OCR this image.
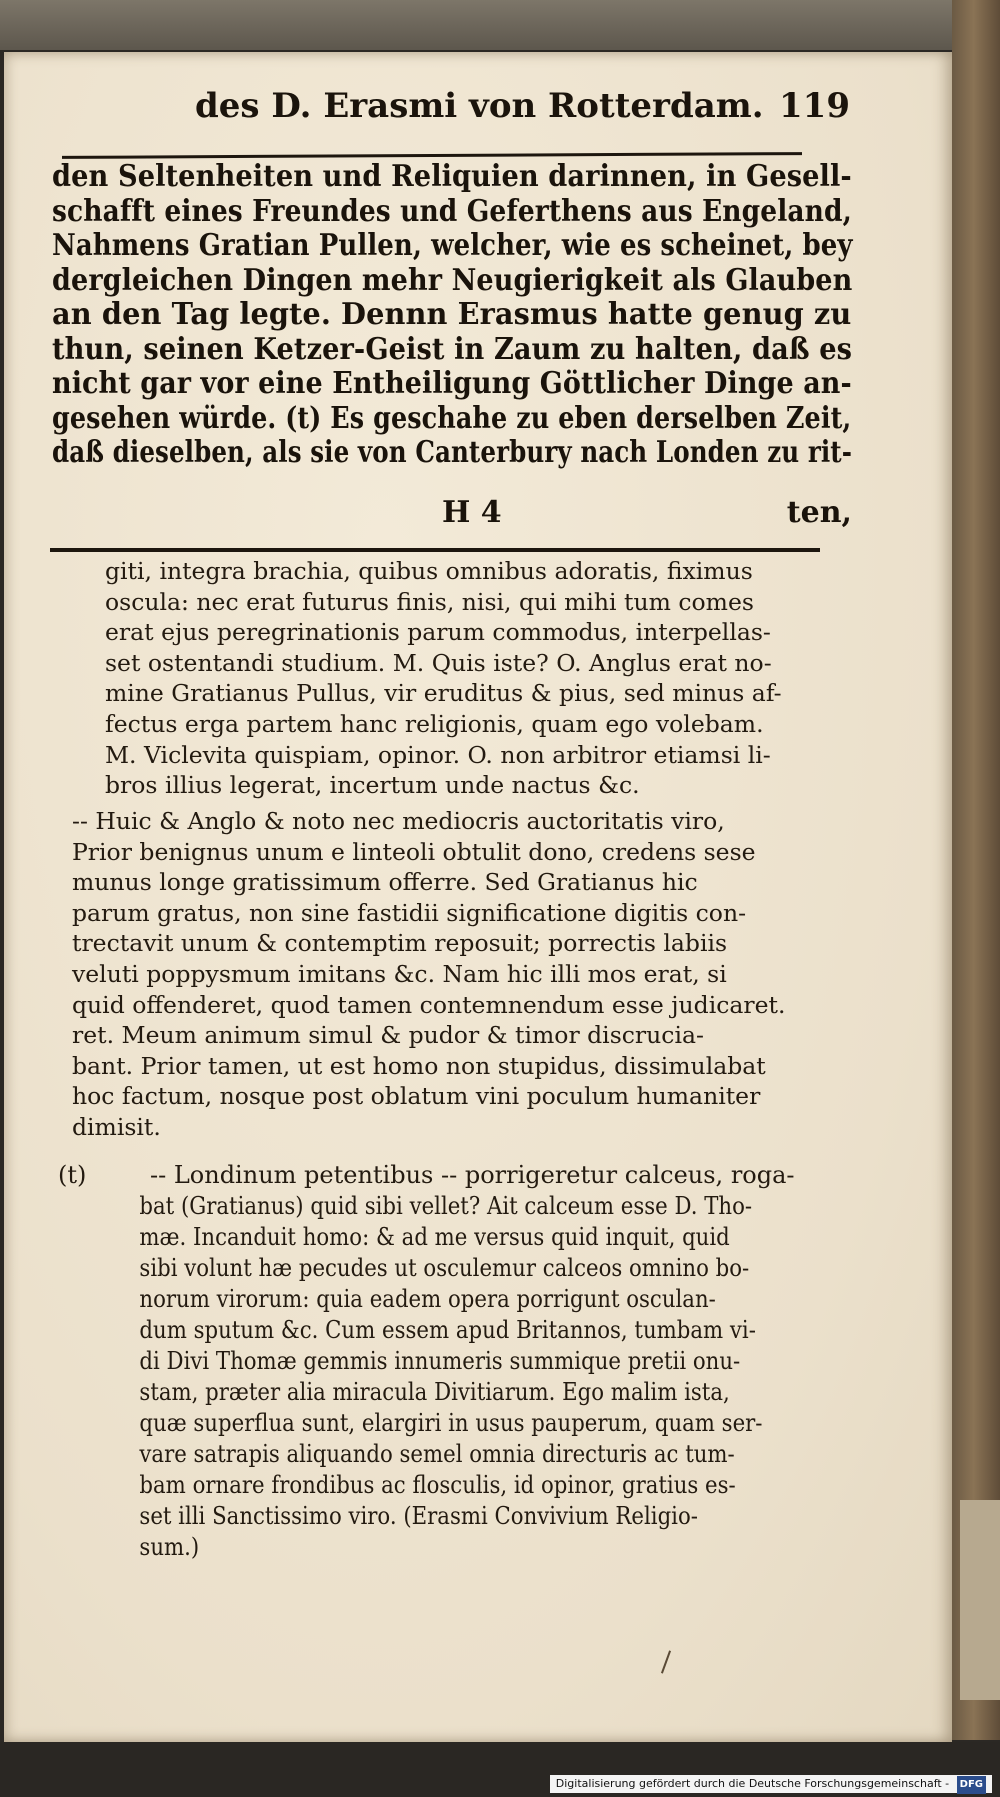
des D. Erasmi von Rotterdam. 119
den Seltenheiten und Reliquien darinnen, in Gesell-
schafft eines Freundes und Geferthens aus Engeland,
Nahmens Gratian Pullen, welcher, wie es scheinet, bey
dergleichen Dingen mehr Neugierigkeit als Glauben
an den Tag legte. Dennn Erasmus hatte genug zu
thun, seinen Ketzer-Geist in Zaum zu halten, daß es
nicht gar vor eine Entheiligung Göttlicher Dinge an-
gesehen würde. (t) Es geschahe zu eben derselben Zeit,
daß dieselben, als sie von Canterbury nach Londen zu rit-
H 4	ten,
giti, integra brachia, quibus omnibus adoratis, fiximus
oscula: nec erat futurus finis, nisi, qui mihi tum comes
erat ejus peregrinationis parum commodus, interpellas-
set ostentandi studium. M. Quis iste? O. Anglus erat no-
mine Gratianus Pullus, vir eruditus & pius, sed minus af-
fectus erga partem hanc religionis, quam ego volebam.
M. Viclevita quispiam, opinor. O. non arbitror etiamsi li-
bros illius legerat, incertum unde nactus &c.
-- Huic & Anglo & noto nec mediocris auctoritatis viro,
Prior benignus unum e linteoli obtulit dono, credens sese
munus longe gratissimum offerre. Sed Gratianus hic
parum gratus, non sine fastidii significatione digitis con-
trectavit unum & contemptim reposuit; porrectis labiis
veluti poppysmum imitans &c. Nam hic illi mos erat, si
quid offenderet, quod tamen contemnendum esse judicaret.
ret. Meum animum simul & pudor & timor discrucia-
bant. Prior tamen, ut est homo non stupidus, dissimulabat
hoc factum, nosque post oblatum vini poculum humaniter
dimisit.
(t)	-- Londinum petentibus -- porrigeretur calceus, roga-
bat (Gratianus) quid sibi vellet? Ait calceum esse D. Tho-
mæ. Incanduit homo: & ad me versus quid inquit, quid
sibi volunt hæ pecudes ut osculemur calceos omnino bo-
norum virorum: quia eadem opera porrigunt osculan-
dum sputum &c. Cum essem apud Britannos, tumbam vi-
di Divi Thomæ gemmis innumeris summique pretii onu-
stam, præter alia miracula Divitiarum. Ego malim ista,
quæ superflua sunt, elargiri in usus pauperum, quam ser-
vare satrapis aliquando semel omnia directuris ac tum-
bam ornare frondibus ac flosculis, id opinor, gratius es-
set illi Sanctissimo viro. (Erasmi Convivium Religio-
sum.)
Digitalisierung gefördert durch die Deutsche Forschungsgemeinschaft - DFG
